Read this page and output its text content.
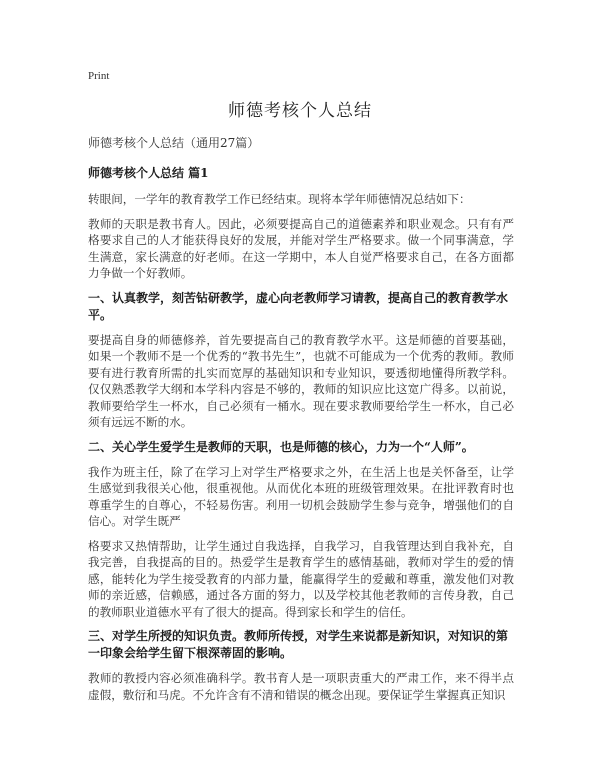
Print
师德考核个人总结

师德考核个人总结（通用27篇）

师德考核个人总结 篇1

转眼间，一学年的教育教学工作已经结束。现将本学年师德情况总结如下：

教师的天职是教书育人。因此，必须要提高自己的道德素养和职业观念。只有有严格要求自己的人才能获得良好的发展，并能对学生严格要求。做一个同事满意，学生满意，家长满意的好老师。在这一学期中，本人自觉严格要求自己，在各方面都力争做一个好教师。

一、认真教学，刻苦钻研教学，虚心向老教师学习请教，提高自己的教育教学水平。

要提高自身的师德修养，首先要提高自己的教育教学水平。这是师德的首要基础，如果一个教师不是一个优秀的“教书先生”，也就不可能成为一个优秀的教师。教师要有进行教育所需的扎实而宽厚的基础知识和专业知识，要透彻地懂得所教学科。仅仅熟悉教学大纲和本学科内容是不够的，教师的知识应比这宽广得多。以前说，教师要给学生一杯水，自己必须有一桶水。现在要求教师要给学生一杯水，自己必须有远远不断的水。

二、关心学生爱学生是教师的天职，也是师德的核心，力为一个“人师”。

我作为班主任，除了在学习上对学生严格要求之外，在生活上也是关怀备至，让学生感觉到我很关心他，很重视他。从而优化本班的班级管理效果。在批评教育时也尊重学生的自尊心，不轻易伤害。利用一切机会鼓励学生参与竞争，增强他们的自信心。对学生既严

格要求又热情帮助，让学生通过自我选择，自我学习，自我管理达到自我补充，自我完善，自我提高的目的。热爱学生是教育学生的感情基础，教师对学生的爱的情感，能转化为学生接受教育的内部力量，能赢得学生的爱戴和尊重，激发他们对教师的亲近感，信赖感，通过各方面的努力，以及学校其他老教师的言传身教，自己的教师职业道德水平有了很大的提高。得到家长和学生的信任。

三、对学生所授的知识负责。教师所传授，对学生来说都是新知识，对知识的第一印象会给学生留下根深蒂固的影响。

教师的教授内容必须准确科学。教书育人是一项职责重大的严肃工作，来不得半点虚假，敷衍和马虎。不允许含有不清和错误的概念出现。要保证学生掌握真正知识
